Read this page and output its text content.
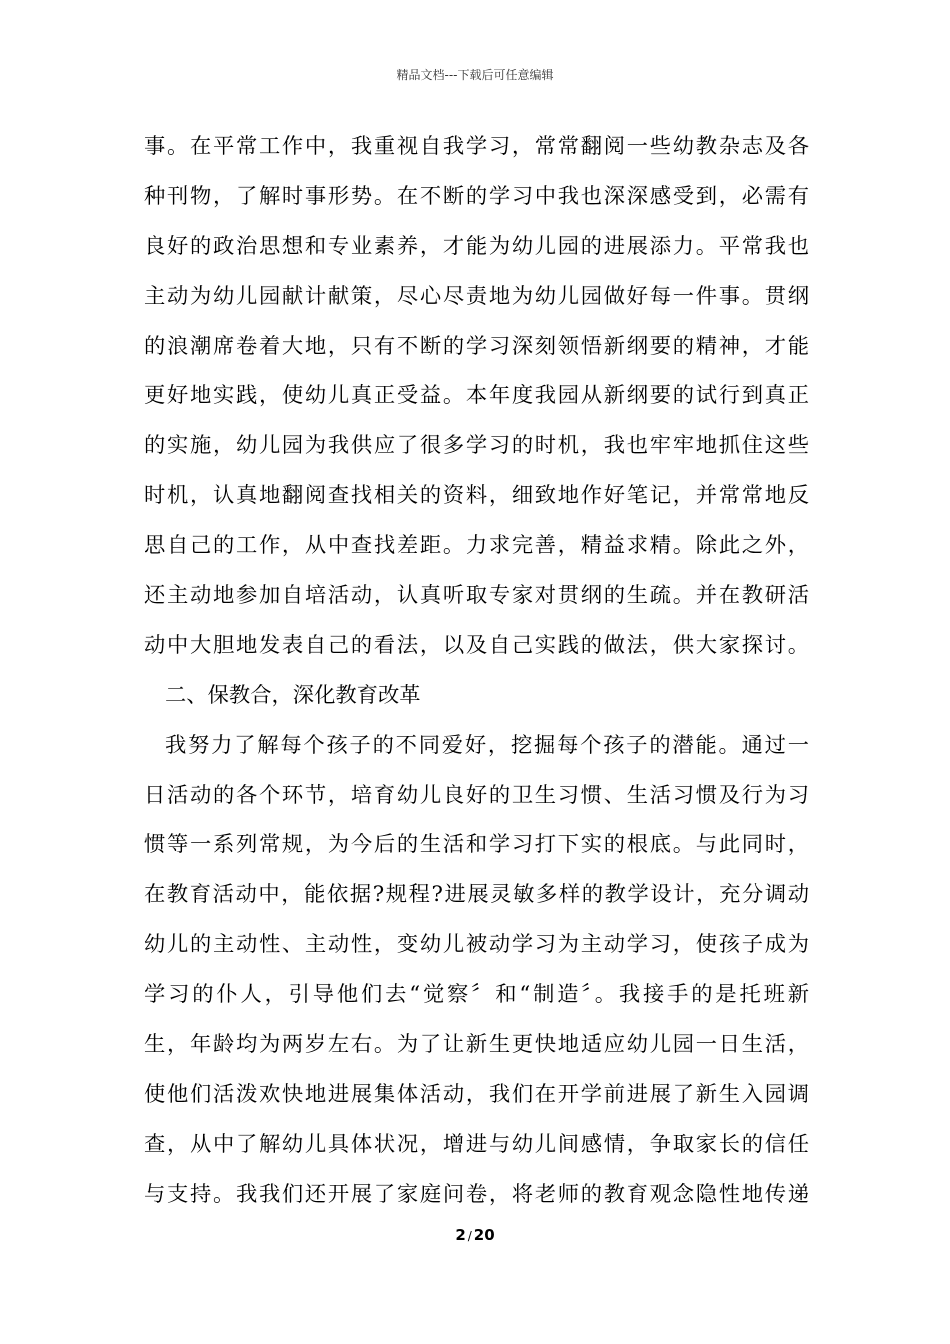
精品文档---下载后可任意编辑
事。在平常工作中，我重视自我学习，常常翻阅一些幼教杂志及各
种刊物，了解时事形势。在不断的学习中我也深深感受到，必需有
良好的政治思想和专业素养，才能为幼儿园的进展添力。平常我也
主动为幼儿园献计献策，尽心尽责地为幼儿园做好每一件事。贯纲
的浪潮席卷着大地，只有不断的学习深刻领悟新纲要的精神，才能
更好地实践，使幼儿真正受益。本年度我园从新纲要的试行到真正
的实施，幼儿园为我供应了很多学习的时机，我也牢牢地抓住这些
时机，认真地翻阅查找相关的资料，细致地作好笔记，并常常地反
思自己的工作，从中查找差距。力求完善，精益求精。除此之外，
还主动地参加自培活动，认真听取专家对贯纲的生疏。并在教研活
动中大胆地发表自己的看法，以及自己实践的做法，供大家探讨。
二、保教合，深化教育改革
我努力了解每个孩子的不同爱好，挖掘每个孩子的潜能。通过一
日活动的各个环节，培育幼儿良好的卫生习惯、生活习惯及行为习
惯等一系列常规，为今后的生活和学习打下实的根底。与此同时，
在教育活动中，能依据?规程?进展灵敏多样的教学设计，充分调动
幼儿的主动性、主动性，变幼儿被动学习为主动学习，使孩子成为
学习的仆人，引导他们去“觉察〞和“制造〞。我接手的是托班新
生，年龄均为两岁左右。为了让新生更快地适应幼儿园一日生活，
使他们活泼欢快地进展集体活动，我们在开学前进展了新生入园调
查，从中了解幼儿具体状况，增进与幼儿间感情，争取家长的信任
与支持。我我们还开展了家庭问卷，将老师的教育观念隐性地传递
2 / 20
